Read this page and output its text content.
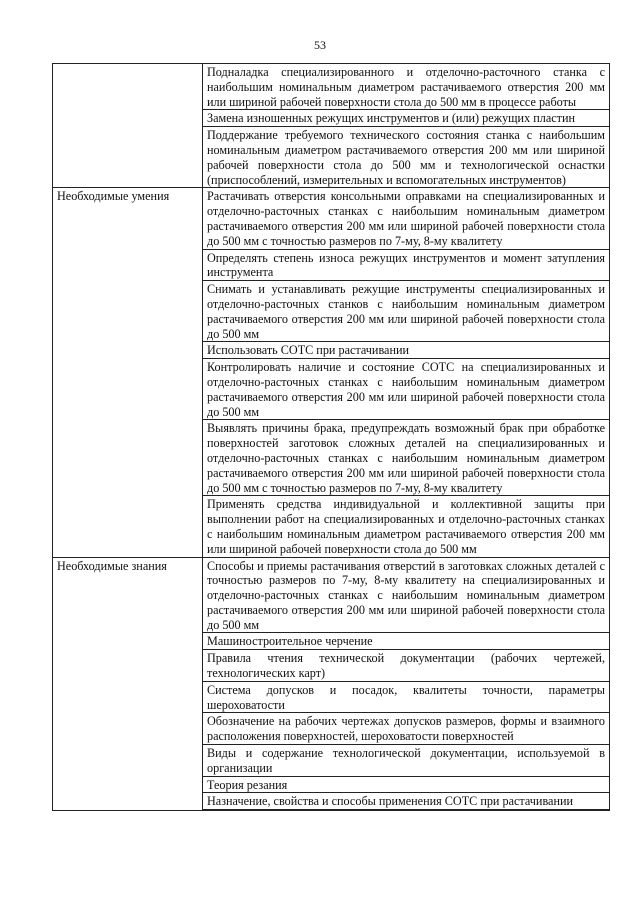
53
	Подналадка специализированного и отделочно-расточного станка с наибольшим номинальным диаметром растачиваемого отверстия 200 мм или шириной рабочей поверхности стола до 500 мм в процессе работы
	Замена изношенных режущих инструментов и (или) режущих пластин
	Поддержание требуемого технического состояния станка с наибольшим номинальным диаметром растачиваемого отверстия 200 мм или шириной рабочей поверхности стола до 500 мм и технологической оснастки (приспособлений, измерительных и вспомогательных инструментов)
Необходимые умения	Растачивать отверстия консольными оправками на специализированных и отделочно-расточных станках с наибольшим номинальным диаметром растачиваемого отверстия 200 мм или шириной рабочей поверхности стола до 500 мм с точностью размеров по 7-му, 8-му квалитету
	Определять степень износа режущих инструментов и момент затупления инструмента
	Снимать и устанавливать режущие инструменты специализированных и отделочно-расточных станков с наибольшим номинальным диаметром растачиваемого отверстия 200 мм или шириной рабочей поверхности стола до 500 мм
	Использовать СОТС при растачивании
	Контролировать наличие и состояние СОТС на специализированных и отделочно-расточных станках с наибольшим номинальным диаметром растачиваемого отверстия 200 мм или шириной рабочей поверхности стола до 500 мм
	Выявлять причины брака, предупреждать возможный брак при обработке поверхностей заготовок сложных деталей на специализированных и отделочно-расточных станках с наибольшим номинальным диаметром растачиваемого отверстия 200 мм или шириной рабочей поверхности стола до 500 мм с точностью размеров по 7-му, 8-му квалитету
	Применять средства индивидуальной и коллективной защиты при выполнении работ на специализированных и отделочно-расточных станках с наибольшим номинальным диаметром растачиваемого отверстия 200 мм или шириной рабочей поверхности стола до 500 мм
Необходимые знания	Способы и приемы растачивания отверстий в заготовках сложных деталей с точностью размеров по 7-му, 8-му квалитету на специализированных и отделочно-расточных станках с наибольшим номинальным диаметром растачиваемого отверстия 200 мм или шириной рабочей поверхности стола до 500 мм
	Машиностроительное черчение
	Правила чтения технической документации (рабочих чертежей, технологических карт)
	Система допусков и посадок, квалитеты точности, параметры шероховатости
	Обозначение на рабочих чертежах допусков размеров, формы и взаимного расположения поверхностей, шероховатости поверхностей
	Виды и содержание технологической документации, используемой в организации
	Теория резания
	Назначение, свойства и способы применения СОТС при растачивании
